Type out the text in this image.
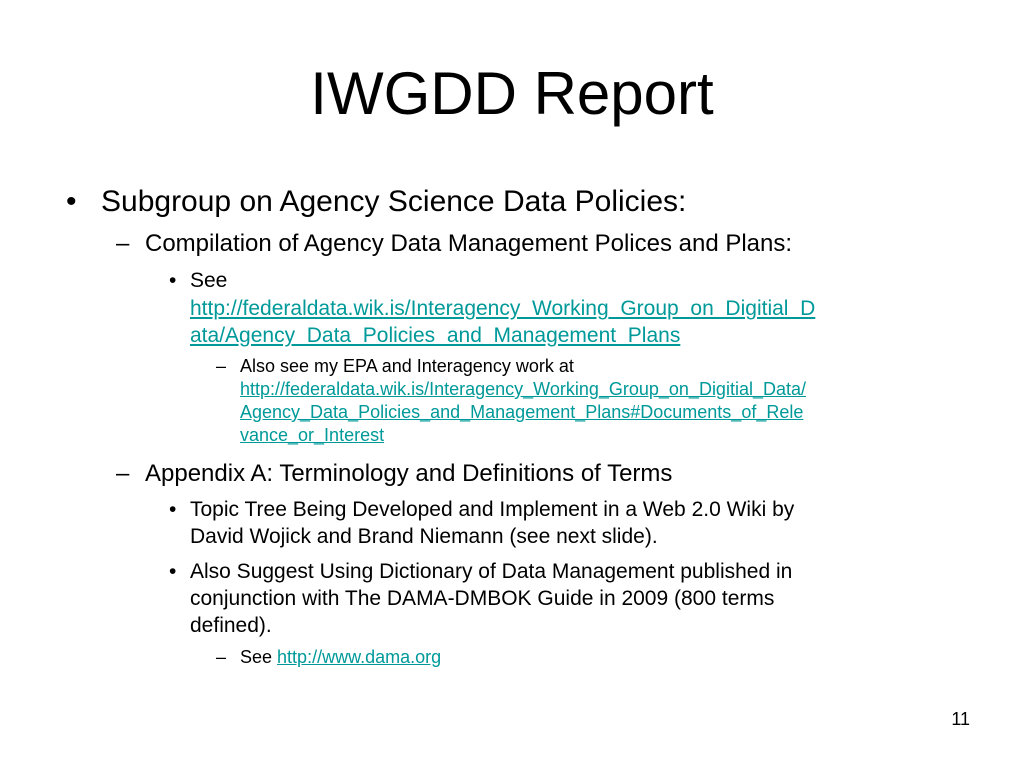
IWGDD Report
• Subgroup on Agency Science Data Policies:
– Compilation of Agency Data Management Polices and Plans:
• See
http://federaldata.wik.is/Interagency_Working_Group_on_Digitial_D
ata/Agency_Data_Policies_and_Management_Plans
– Also see my EPA and Interagency work at
http://federaldata.wik.is/Interagency_Working_Group_on_Digitial_Data/
Agency_Data_Policies_and_Management_Plans#Documents_of_Rele
vance_or_Interest
– Appendix A: Terminology and Definitions of Terms
• Topic Tree Being Developed and Implement in a Web 2.0 Wiki by
David Wojick and Brand Niemann (see next slide).
• Also Suggest Using Dictionary of Data Management published in
conjunction with The DAMA-DMBOK Guide in 2009 (800 terms
defined).
– See http://www.dama.org
11
